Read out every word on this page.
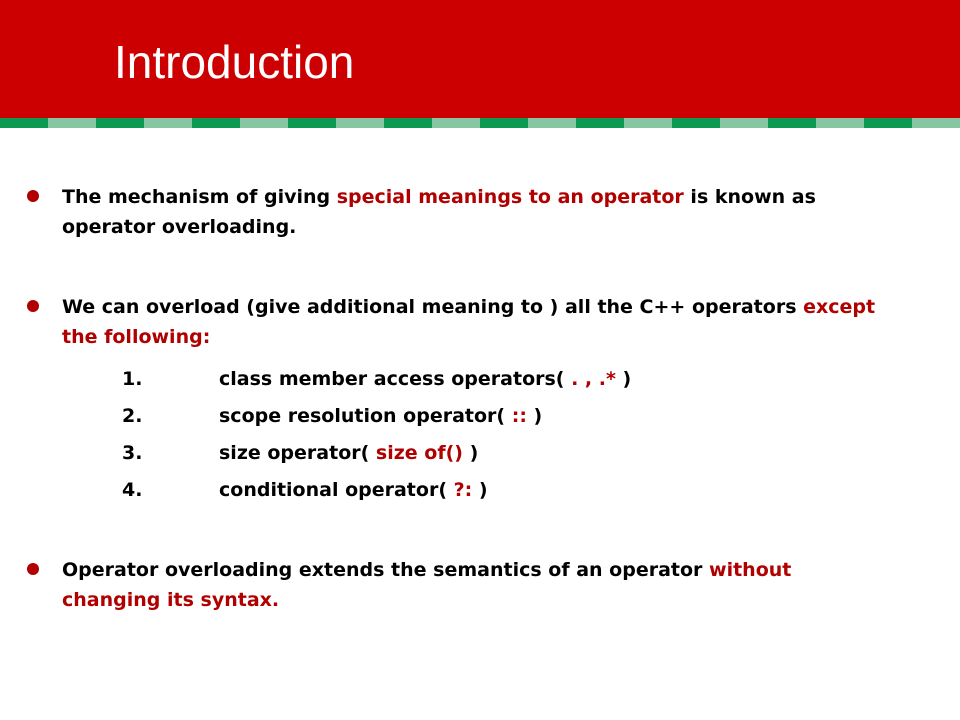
Introduction
The mechanism of giving special meanings to an operator is known as operator overloading.
We can overload (give additional meaning to ) all the C++ operators except the following:
1.	class member access operators( . , .* )
2.	scope resolution operator( :: )
3.	size operator( size of() )
4.	conditional operator( ?: )
Operator overloading extends the semantics of an operator without changing its syntax.
